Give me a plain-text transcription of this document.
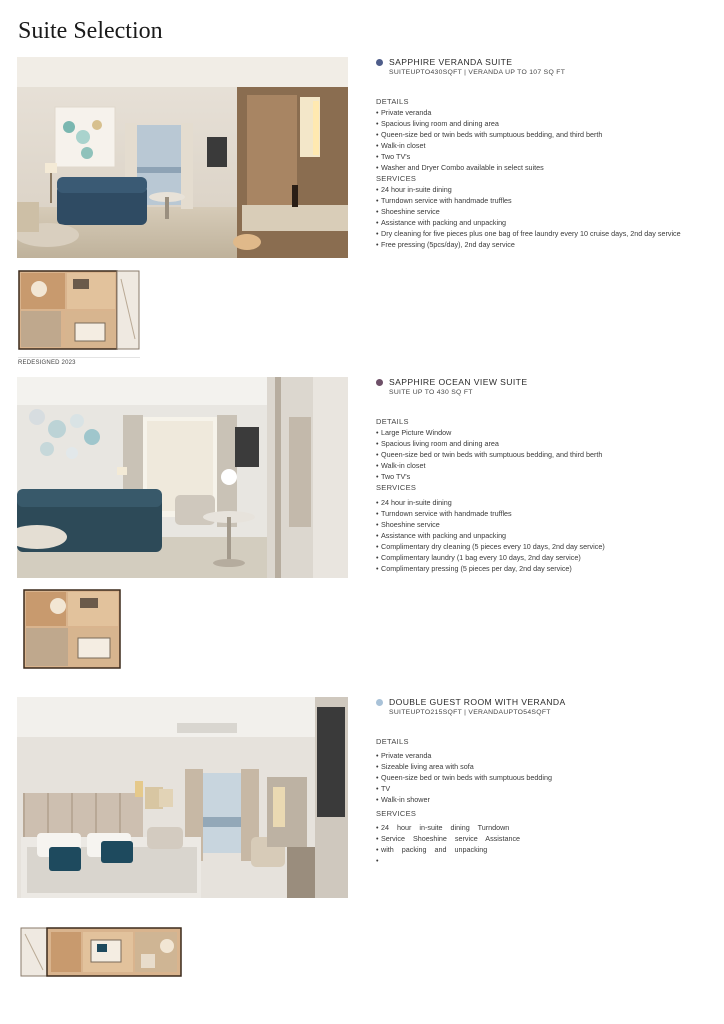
Suite Selection
REDESIGNED 2023
SAPPHIRE VERANDA SUITE
SUITEUPTO430SQFT | VERANDA UP TO 107 SQ FT
DETAILS
• Private veranda
• Spacious living room and dining area
• Queen-size bed or twin beds with sumptuous bedding, and third berth
• Walk-in closet
• Two TV's
• Washer and Dryer Combo available in select suites
SERVICES
• 24 hour in-suite dining
• Turndown service with handmade truffles
• Shoeshine service
• Assistance with packing and unpacking
• Dry cleaning for five pieces plus one bag of free laundry every 10 cruise days, 2nd day service
• Free pressing (5pcs/day), 2nd day service
SAPPHIRE OCEAN VIEW SUITE
SUITE UP TO 430 SQ FT
DETAILS
• Large Picture Window
• Spacious living room and dining area
• Queen-size bed or twin beds with sumptuous bedding, and third berth
• Walk-in closet
• Two TV's
SERVICES
• 24 hour in-suite dining
• Turndown service with handmade truffles
• Shoeshine service
• Assistance with packing and unpacking
• Complimentary dry cleaning (5 pieces every 10 days, 2nd day service)
• Complimentary laundry (1 bag every 10 days, 2nd day service)
• Complimentary pressing (5 pieces per day, 2nd day service)
DOUBLE GUEST ROOM WITH VERANDA
SUITEUPTO215SQFT | VERANDAUPTO54SQFT
DETAILS
• Private veranda
• Sizeable living area with sofa
• Queen-size bed or twin beds with sumptuous bedding
• TV
• Walk-in shower
SERVICES
• 24 hour in-suite dining Turndown
• Service Shoeshine service Assistance
• with packing and unpacking
